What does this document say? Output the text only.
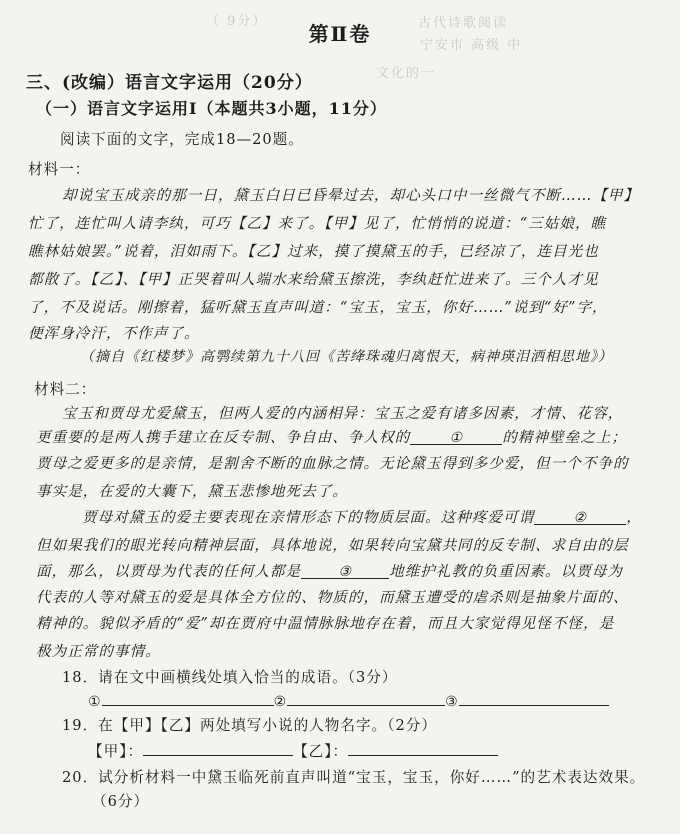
（ 9分）	古代诗歌阅读
宁安市 高级 中
文化的一
第Ⅱ卷
三、(改编）语言文字运用（20分）
（一）语言文字运用Ⅰ（本题共3小题，11分）
阅读下面的文字，完成18—20题。
材料一：
却说宝玉成亲的那一日，黛玉白日已昏晕过去，却心头口中一丝微气不断……【甲】
忙了，连忙叫人请李纨，可巧【乙】来了。【甲】见了，忙悄悄的说道：“三姑娘，瞧
瞧林姑娘罢。”说着，泪如雨下。【乙】过来，摸了摸黛玉的手，已经凉了，连目光也
都散了。【乙】、【甲】正哭着叫人端水来给黛玉擦洗，李纨赶忙进来了。三个人才见
了，不及说话。刚擦着，猛听黛玉直声叫道：“宝玉，宝玉，你好……”说到“好”字，
便浑身冷汗，不作声了。
（摘自《红楼梦》高鹗续第九十八回《苦绛珠魂归离恨天，病神瑛泪洒相思地》）
材料二：
宝玉和贾母尤爱黛玉，但两人爱的内涵相异：宝玉之爱有诸多因素，才情、花容，
更重要的是两人携手建立在反专制、争自由、争人权的	①	的精神壁垒之上；
贾母之爱更多的是亲情，是割舍不断的血脉之情。无论黛玉得到多少爱，但一个不争的
事实是，在爱的大囊下，黛玉悲惨地死去了。
贾母对黛玉的爱主要表现在亲情形态下的物质层面。这种疼爱可谓	②	，
但如果我们的眼光转向精神层面，具体地说，如果转向宝黛共同的反专制、求自由的层
面，那么，以贾母为代表的任何人都是	③	地维护礼教的负重因素。以贾母为
代表的人等对黛玉的爱是具体全方位的、物质的，而黛玉遭受的虐杀则是抽象片面的、
精神的。貌似矛盾的“爱”却在贾府中温情脉脉地存在着，而且大家觉得见怪不怪，是
极为正常的事情。
18．请在文中画横线处填入恰当的成语。（3分）
①	②	③
19．在【甲】【乙】两处填写小说的人物名字。（2分）
【甲】：	【乙】：
20．试分析材料一中黛玉临死前直声叫道“宝玉，宝玉，你好……”的艺术表达效果。
（6分）
